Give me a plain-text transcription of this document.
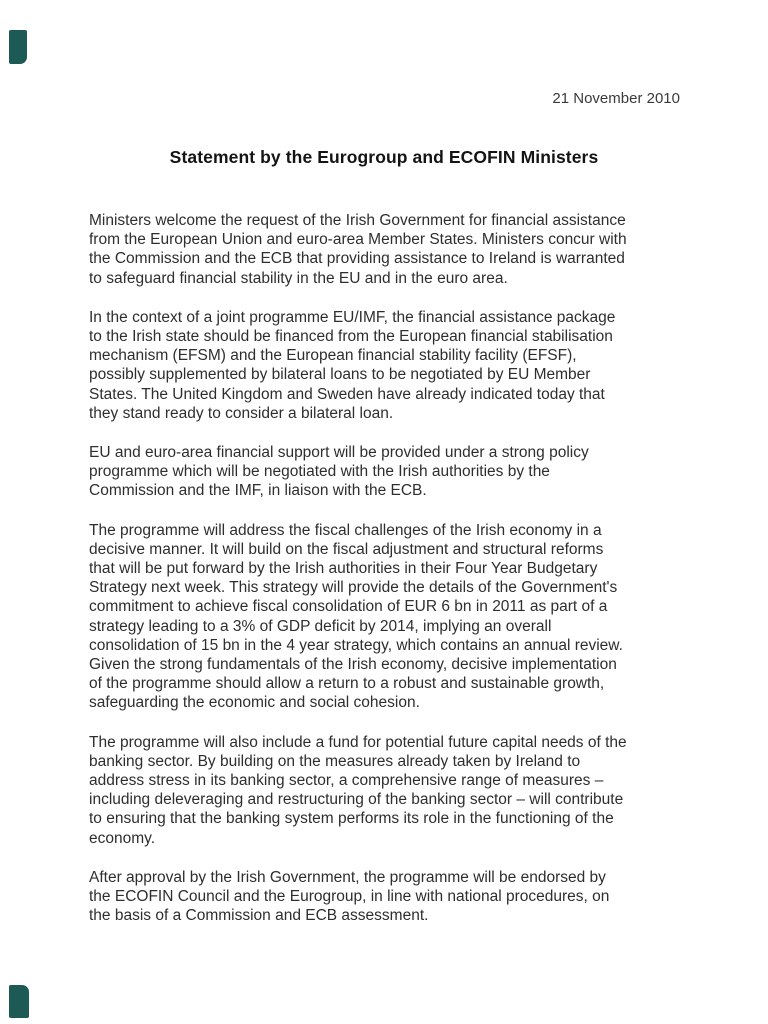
21 November 2010
Statement by the Eurogroup and ECOFIN Ministers
Ministers welcome the request of the Irish Government for financial assistance
from the European Union and euro-area Member States. Ministers concur with
the Commission and the ECB that providing assistance to Ireland is warranted
to safeguard financial stability in the EU and in the euro area.
In the context of a joint programme EU/IMF, the financial assistance package
to the Irish state should be financed from the European financial stabilisation
mechanism (EFSM) and the European financial stability facility (EFSF),
possibly supplemented by bilateral loans to be negotiated by EU Member
States. The United Kingdom and Sweden have already indicated today that
they stand ready to consider a bilateral loan.
EU and euro-area financial support will be provided under a strong policy
programme which will be negotiated with the Irish authorities by the
Commission and the IMF, in liaison with the ECB.
The programme will address the fiscal challenges of the Irish economy in a
decisive manner. It will build on the fiscal adjustment and structural reforms
that will be put forward by the Irish authorities in their Four Year Budgetary
Strategy next week. This strategy will provide the details of the Government's
commitment to achieve fiscal consolidation of EUR 6 bn in 2011 as part of a
strategy leading to a 3% of GDP deficit by 2014, implying an overall
consolidation of 15 bn in the 4 year strategy, which contains an annual review.
Given the strong fundamentals of the Irish economy, decisive implementation
of the programme should allow a return to a robust and sustainable growth,
safeguarding the economic and social cohesion.
The programme will also include a fund for potential future capital needs of the
banking sector. By building on the measures already taken by Ireland to
address stress in its banking sector, a comprehensive range of measures –
including deleveraging and restructuring of the banking sector – will contribute
to ensuring that the banking system performs its role in the functioning of the
economy.
After approval by the Irish Government, the programme will be endorsed by
the ECOFIN Council and the Eurogroup, in line with national procedures, on
the basis of a Commission and ECB assessment.
